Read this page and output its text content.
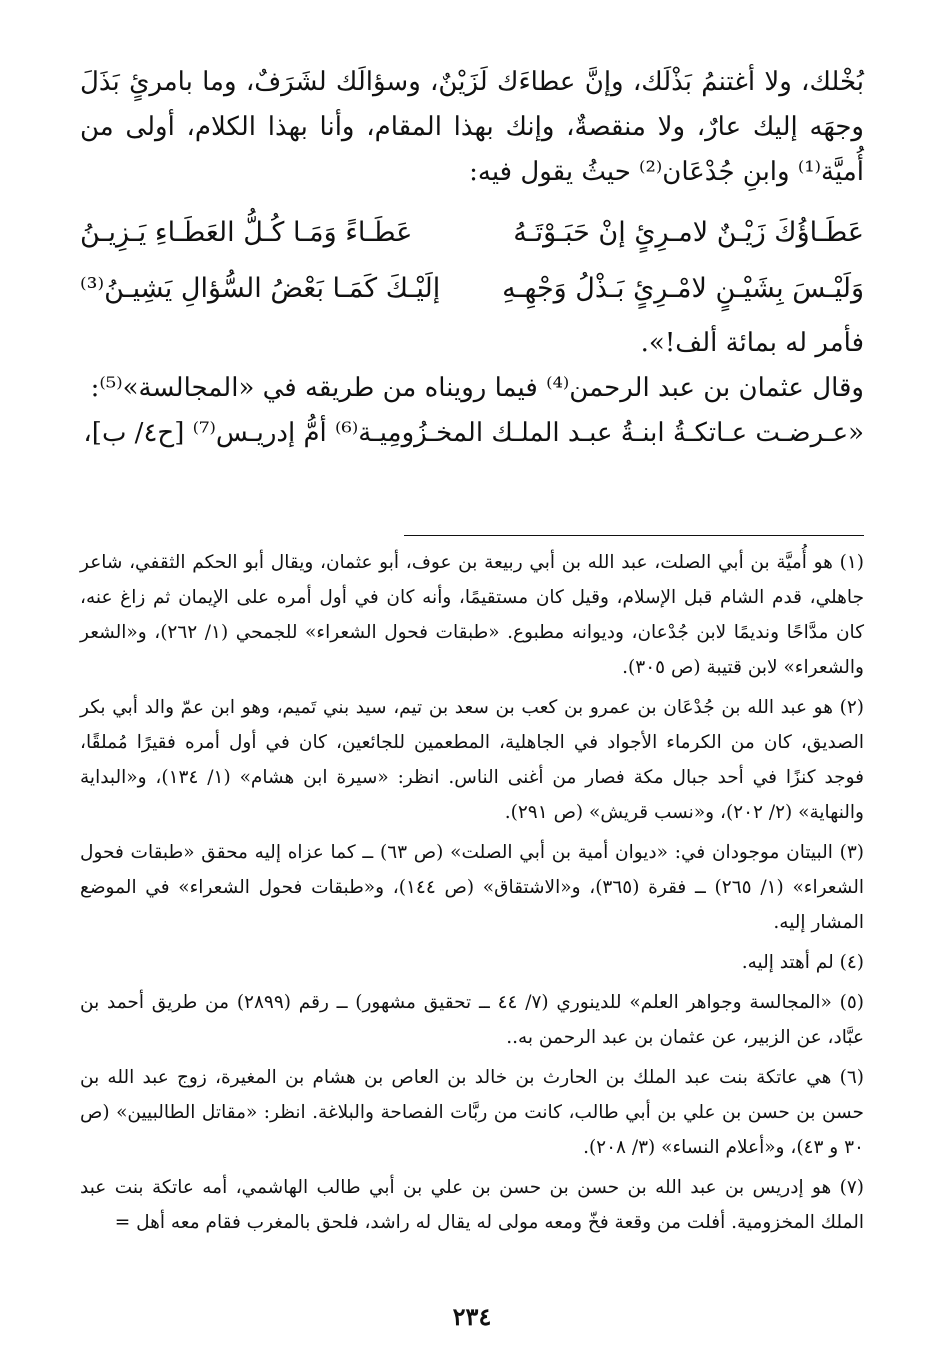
بُخْلك، ولا أغتنمُ بَذْلَك، وإنَّ عطاءَك لَزَيْنٌ، وسؤالَك لشَرَفٌ، وما بامرئٍ بَذَلَ وجهَه إليك عارٌ، ولا منقصةٌ، وإنك بهذا المقام، وأنا بهذا الكلام، أولى من أُميَّة⁽¹⁾ وابنِ جُدْعَان⁽²⁾ حيثُ يقول فيه:

عَطَـاؤُكَ زَيْـنٌ لامـرِئٍ إنْ حَبَـوْتَـهُ
عَطَـاءً وَمَـا كُـلُّ العَطَـاءِ يَـزِيـنُ
وَلَيْـسَ بِشَيْـنٍ لامْـرِئٍ بَـذْلُ وَجْهِـهِ
إلَيْـكَ كَمَـا بَعْضُ السُّؤالِ يَشِيـنُ⁽³⁾

فأمر له بمائة ألف!».

وقال عثمان بن عبد الرحمن⁽⁴⁾ فيما رويناه من طريقه في «المجالسة»⁽⁵⁾:

«عـرضـت عـاتكـةُ ابنـةُ عبـد الملـك المخـزُومِيـة⁽⁶⁾ أمُّ إدريـس⁽⁷⁾ [ح٤/ ب]،

(١) هو أُميَّة بن أبي الصلت، عبد الله بن أبي ربيعة بن عوف، أبو عثمان، ويقال أبو الحكم الثقفي، شاعر جاهلي، قدم الشام قبل الإسلام، وقيل كان مستقيمًا، وأنه كان في أول أمره على الإيمان ثم زاغ عنه، كان مدَّاحًا ونديمًا لابن جُدْعان، وديوانه مطبوع. «طبقات فحول الشعراء» للجمحي (١/ ٢٦٢)، و«الشعر والشعراء» لابن قتيبة (ص ٣٠٥).

(٢) هو عبد الله بن جُدْعَان بن عمرو بن كعب بن سعد بن تيم، سيد بني تَميم، وهو ابن عمّ والد أبي بكر الصديق، كان من الكرماء الأجواد في الجاهلية، المطعمين للجائعين، كان في أول أمره فقيرًا مُملقًا، فوجد كنزًا في أحد جبال مكة فصار من أغنى الناس. انظر: «سيرة ابن هشام» (١/ ١٣٤)، و«البداية والنهاية» (٢/ ٢٠٢)، و«نسب قريش» (ص ٢٩١).

(٣) البيتان موجودان في: «ديوان أمية بن أبي الصلت» (ص ٦٣) ــ كما عزاه إليه محقق «طبقات فحول الشعراء» (١/ ٢٦٥) ــ فقرة (٣٦٥)، و«الاشتقاق» (ص ١٤٤)، و«طبقات فحول الشعراء» في الموضع المشار إليه.

(٤) لم أهتد إليه.

(٥) «المجالسة وجواهر العلم» للدينوري (٧/ ٤٤ ــ تحقيق مشهور) ــ رقم (٢٨٩٩) من طريق أحمد بن عبَّاد، عن الزبير، عن عثمان بن عبد الرحمن به..

(٦) هي عاتكة بنت عبد الملك بن الحارث بن خالد بن العاص بن هشام بن المغيرة، زوج عبد الله بن حسن بن حسن بن علي بن أبي طالب، كانت من ربَّات الفصاحة والبلاغة. انظر: «مقاتل الطالبيين» (ص ٣٠ و ٤٣)، و«أعلام النساء» (٣/ ٢٠٨).

(٧) هو إدريس بن عبد الله بن حسن بن حسن بن علي بن أبي طالب الهاشمي، أمه عاتكة بنت عبد الملك المخزومية. أفلت من وقعة فخّ ومعه مولى له يقال له راشد، فلحق بالمغرب فقام معه أهل =

٢٣٤
